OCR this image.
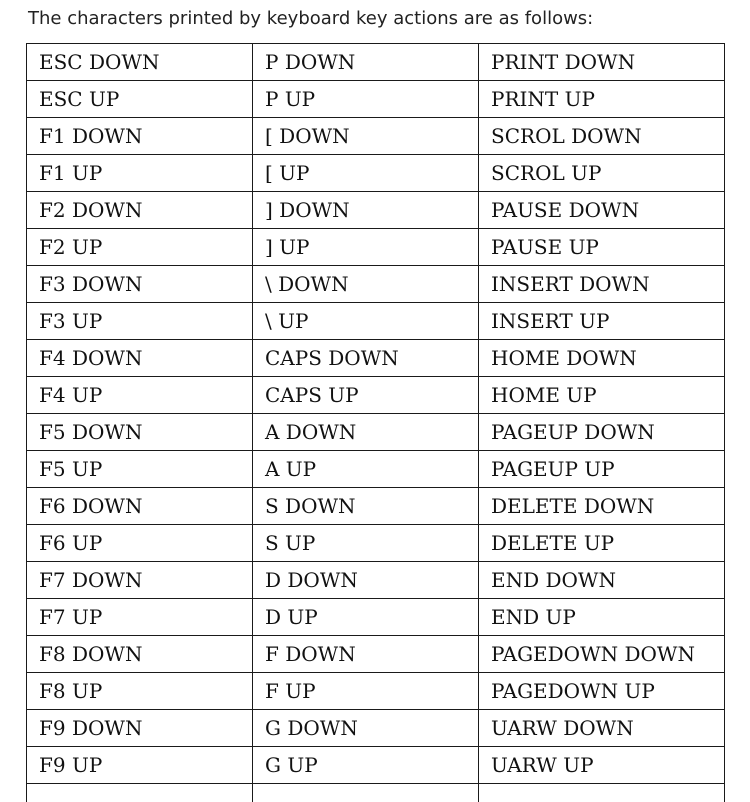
The characters printed by keyboard key actions are as follows:

ESC DOWN	P DOWN	PRINT DOWN
ESC UP	P UP	PRINT UP
F1 DOWN	[ DOWN	SCROL DOWN
F1 UP	[ UP	SCROL UP
F2 DOWN	] DOWN	PAUSE DOWN
F2 UP	] UP	PAUSE UP
F3 DOWN	\ DOWN	INSERT DOWN
F3 UP	\ UP	INSERT UP
F4 DOWN	CAPS DOWN	HOME DOWN
F4 UP	CAPS UP	HOME UP
F5 DOWN	A DOWN	PAGEUP DOWN
F5 UP	A UP	PAGEUP UP
F6 DOWN	S DOWN	DELETE DOWN
F6 UP	S UP	DELETE UP
F7 DOWN	D DOWN	END DOWN
F7 UP	D UP	END UP
F8 DOWN	F DOWN	PAGEDOWN DOWN
F8 UP	F UP	PAGEDOWN UP
F9 DOWN	G DOWN	UARW DOWN
F9 UP	G UP	UARW UP
